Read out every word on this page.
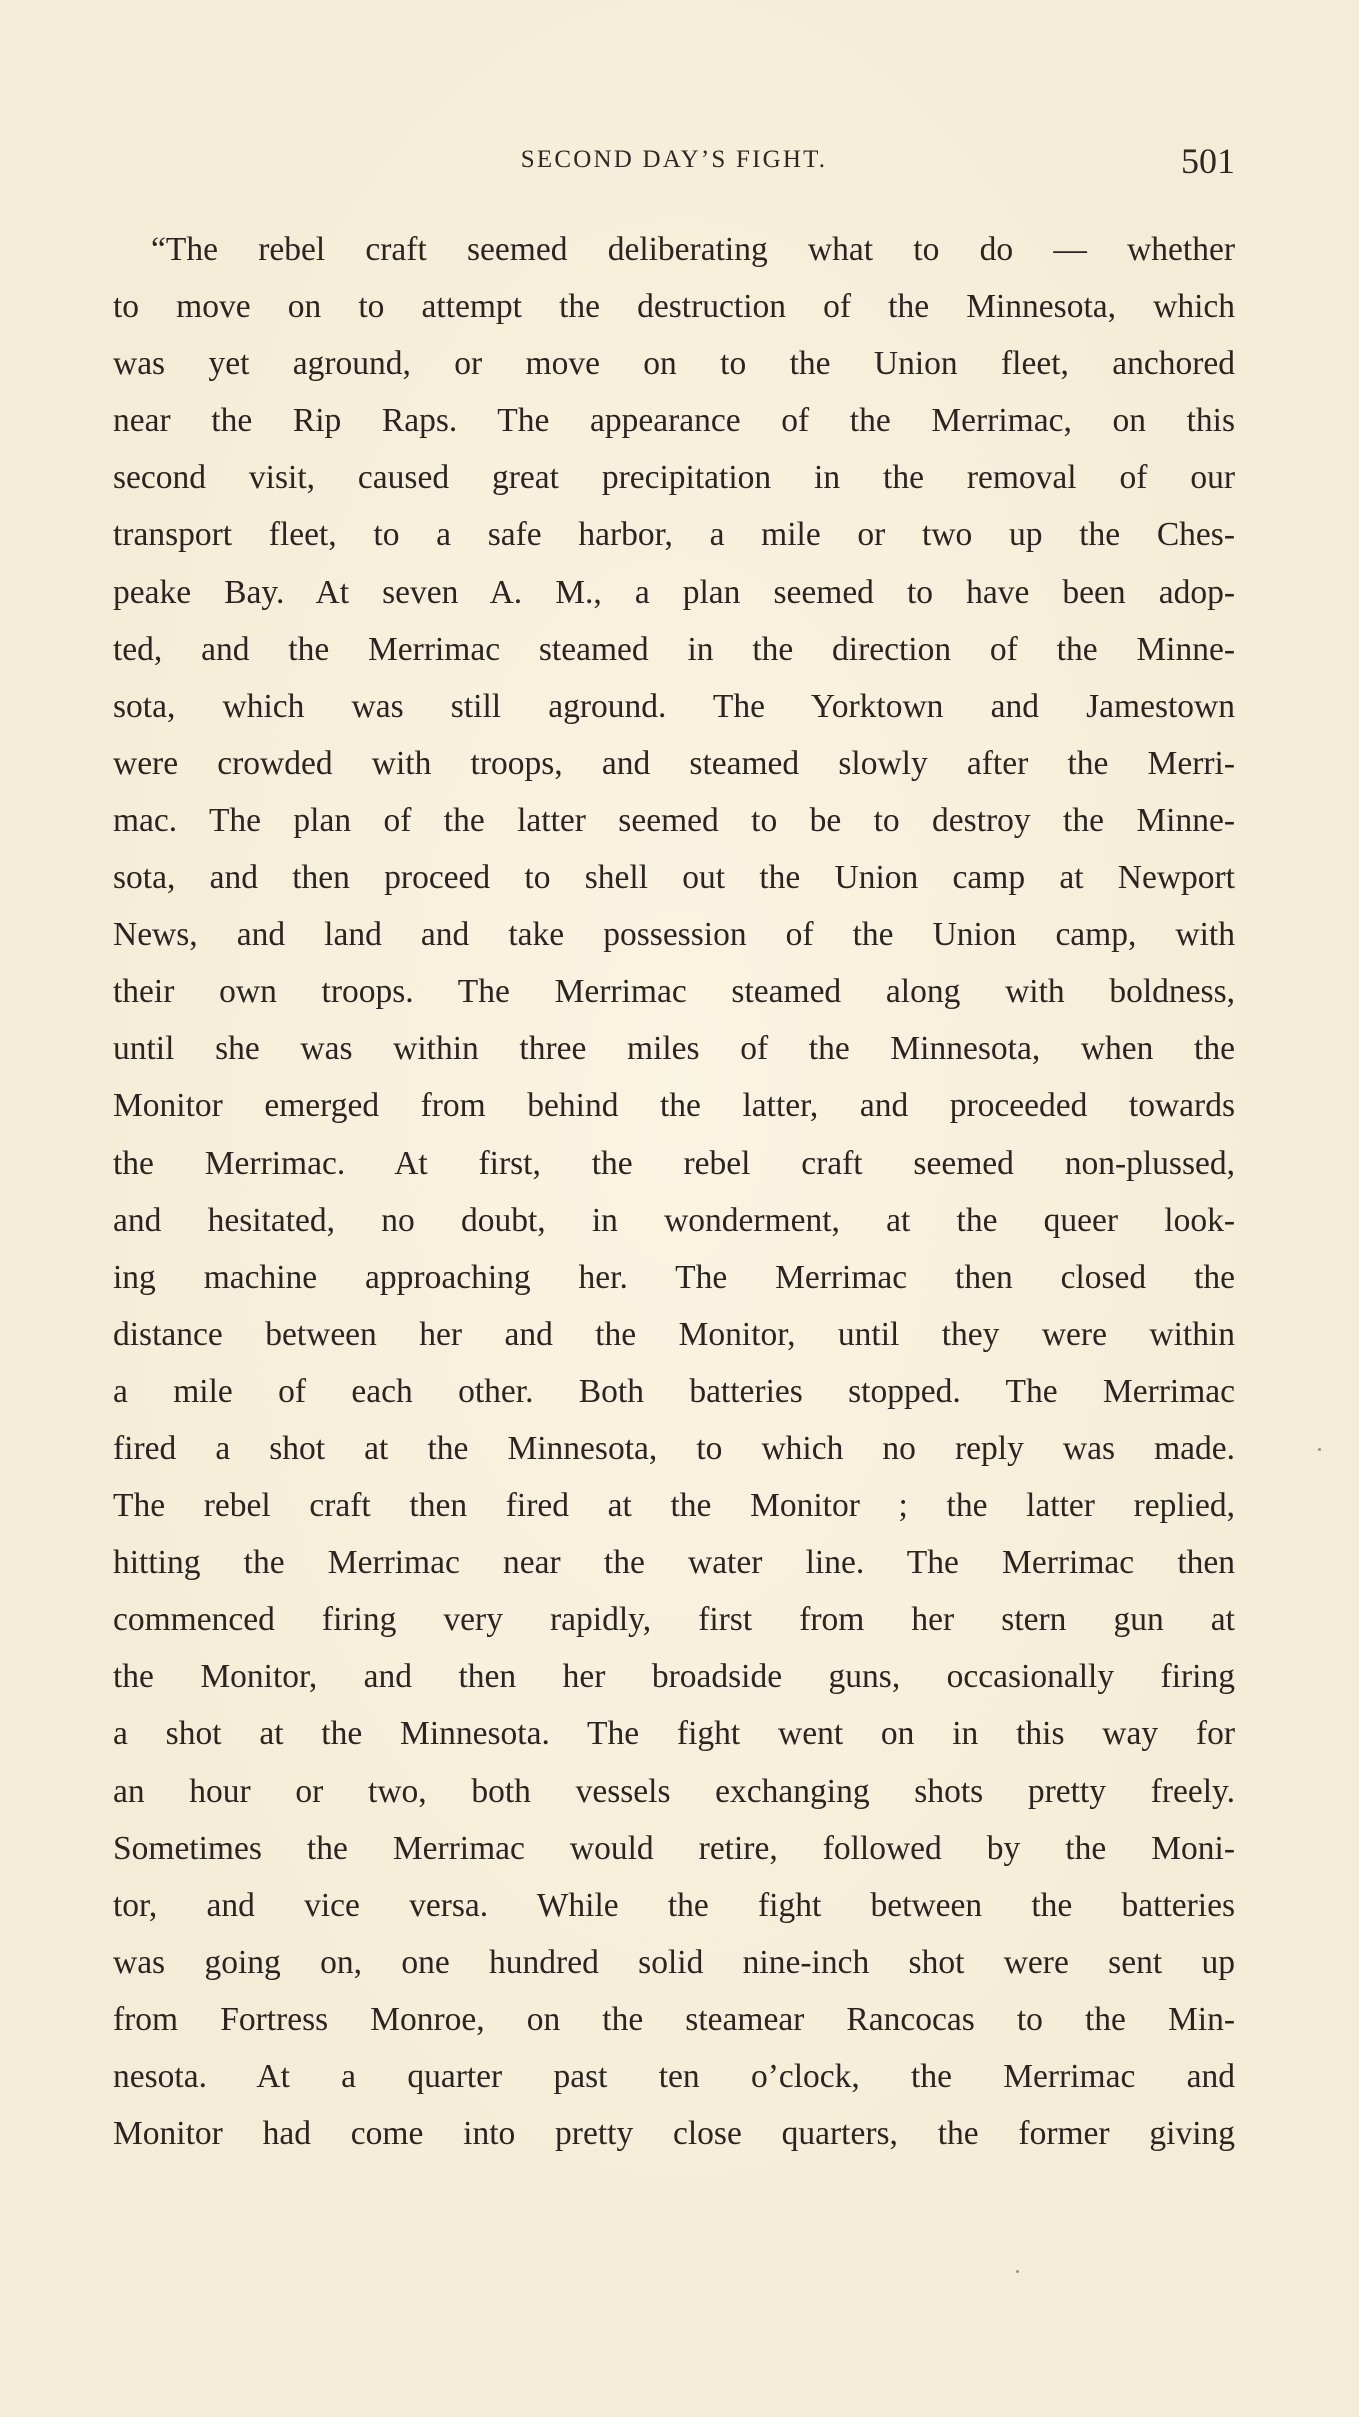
SECOND DAY’S FIGHT.	501
“The rebel craft seemed deliberating what to do — whether
to move on to attempt the destruction of the Minnesota, which
was yet aground, or move on to the Union fleet, anchored
near the Rip Raps. The appearance of the Merrimac, on this
second visit, caused great precipitation in the removal of our
transport fleet, to a safe harbor, a mile or two up the Ches-
peake Bay. At seven A. M., a plan seemed to have been adop-
ted, and the Merrimac steamed in the direction of the Minne-
sota, which was still aground. The Yorktown and Jamestown
were crowded with troops, and steamed slowly after the Merri-
mac. The plan of the latter seemed to be to destroy the Minne-
sota, and then proceed to shell out the Union camp at Newport
News, and land and take possession of the Union camp, with
their own troops. The Merrimac steamed along with boldness,
until she was within three miles of the Minnesota, when the
Monitor emerged from behind the latter, and proceeded towards
the Merrimac. At first, the rebel craft seemed non-plussed,
and hesitated, no doubt, in wonderment, at the queer look-
ing machine approaching her. The Merrimac then closed the
distance between her and the Monitor, until they were within
a mile of each other. Both batteries stopped. The Merrimac
fired a shot at the Minnesota, to which no reply was made.
The rebel craft then fired at the Monitor ; the latter replied,
hitting the Merrimac near the water line. The Merrimac then
commenced firing very rapidly, first from her stern gun at
the Monitor, and then her broadside guns, occasionally firing
a shot at the Minnesota. The fight went on in this way for
an hour or two, both vessels exchanging shots pretty freely.
Sometimes the Merrimac would retire, followed by the Moni-
tor, and vice versa. While the fight between the batteries
was going on, one hundred solid nine-inch shot were sent up
from Fortress Monroe, on the steamear Rancocas to the Min-
nesota. At a quarter past ten o’clock, the Merrimac and
Monitor had come into pretty close quarters, the former giving
